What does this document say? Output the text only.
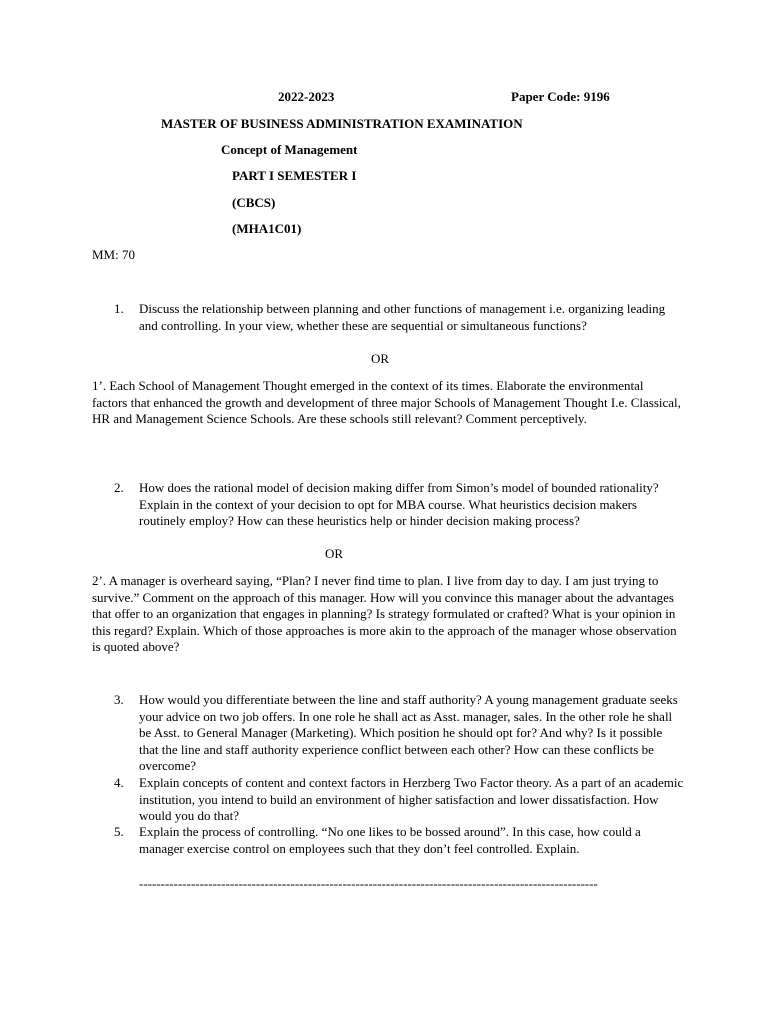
2022-2023	Paper Code: 9196
MASTER OF BUSINESS ADMINISTRATION EXAMINATION
Concept of Management
PART I SEMESTER I
(CBCS)
(MHA1C01)
MM: 70
1.	Discuss the relationship between planning and other functions of management i.e. organizing leading and controlling. In your view, whether these are sequential or simultaneous functions?
OR
1’. Each School of Management Thought emerged in the context of its times. Elaborate the environmental factors that enhanced the growth and development of three major Schools of Management Thought I.e. Classical, HR and Management Science Schools. Are these schools still relevant? Comment perceptively.
2.	How does the rational model of decision making differ from Simon’s model of bounded rationality? Explain in the context of your decision to opt for MBA course. What heuristics decision makers routinely employ? How can these heuristics help or hinder decision making process?
OR
2’. A manager is overheard saying, “Plan? I never find time to plan. I live from day to day. I am just trying to survive.” Comment on the approach of this manager. How will you convince this manager about the advantages that offer to an organization that engages in planning? Is strategy formulated or crafted? What is your opinion in this regard? Explain. Which of those approaches is more akin to the approach of the manager whose observation is quoted above?
3.	How would you differentiate between the line and staff authority? A young management graduate seeks your advice on two job offers. In one role he shall act as Asst. manager, sales. In the other role he shall be Asst. to General Manager (Marketing). Which position he should opt for? And why? Is it possible that the line and staff authority experience conflict between each other? How can these conflicts be overcome?
4.	Explain concepts of content and context factors in Herzberg Two Factor theory. As a part of an academic institution, you intend to build an environment of higher satisfaction and lower dissatisfaction. How would you do that?
5.	Explain the process of controlling. “No one likes to be bossed around”. In this case, how could a manager exercise control on employees such that they don’t feel controlled. Explain.
----------------------------------------------------------------------------------------------------------
